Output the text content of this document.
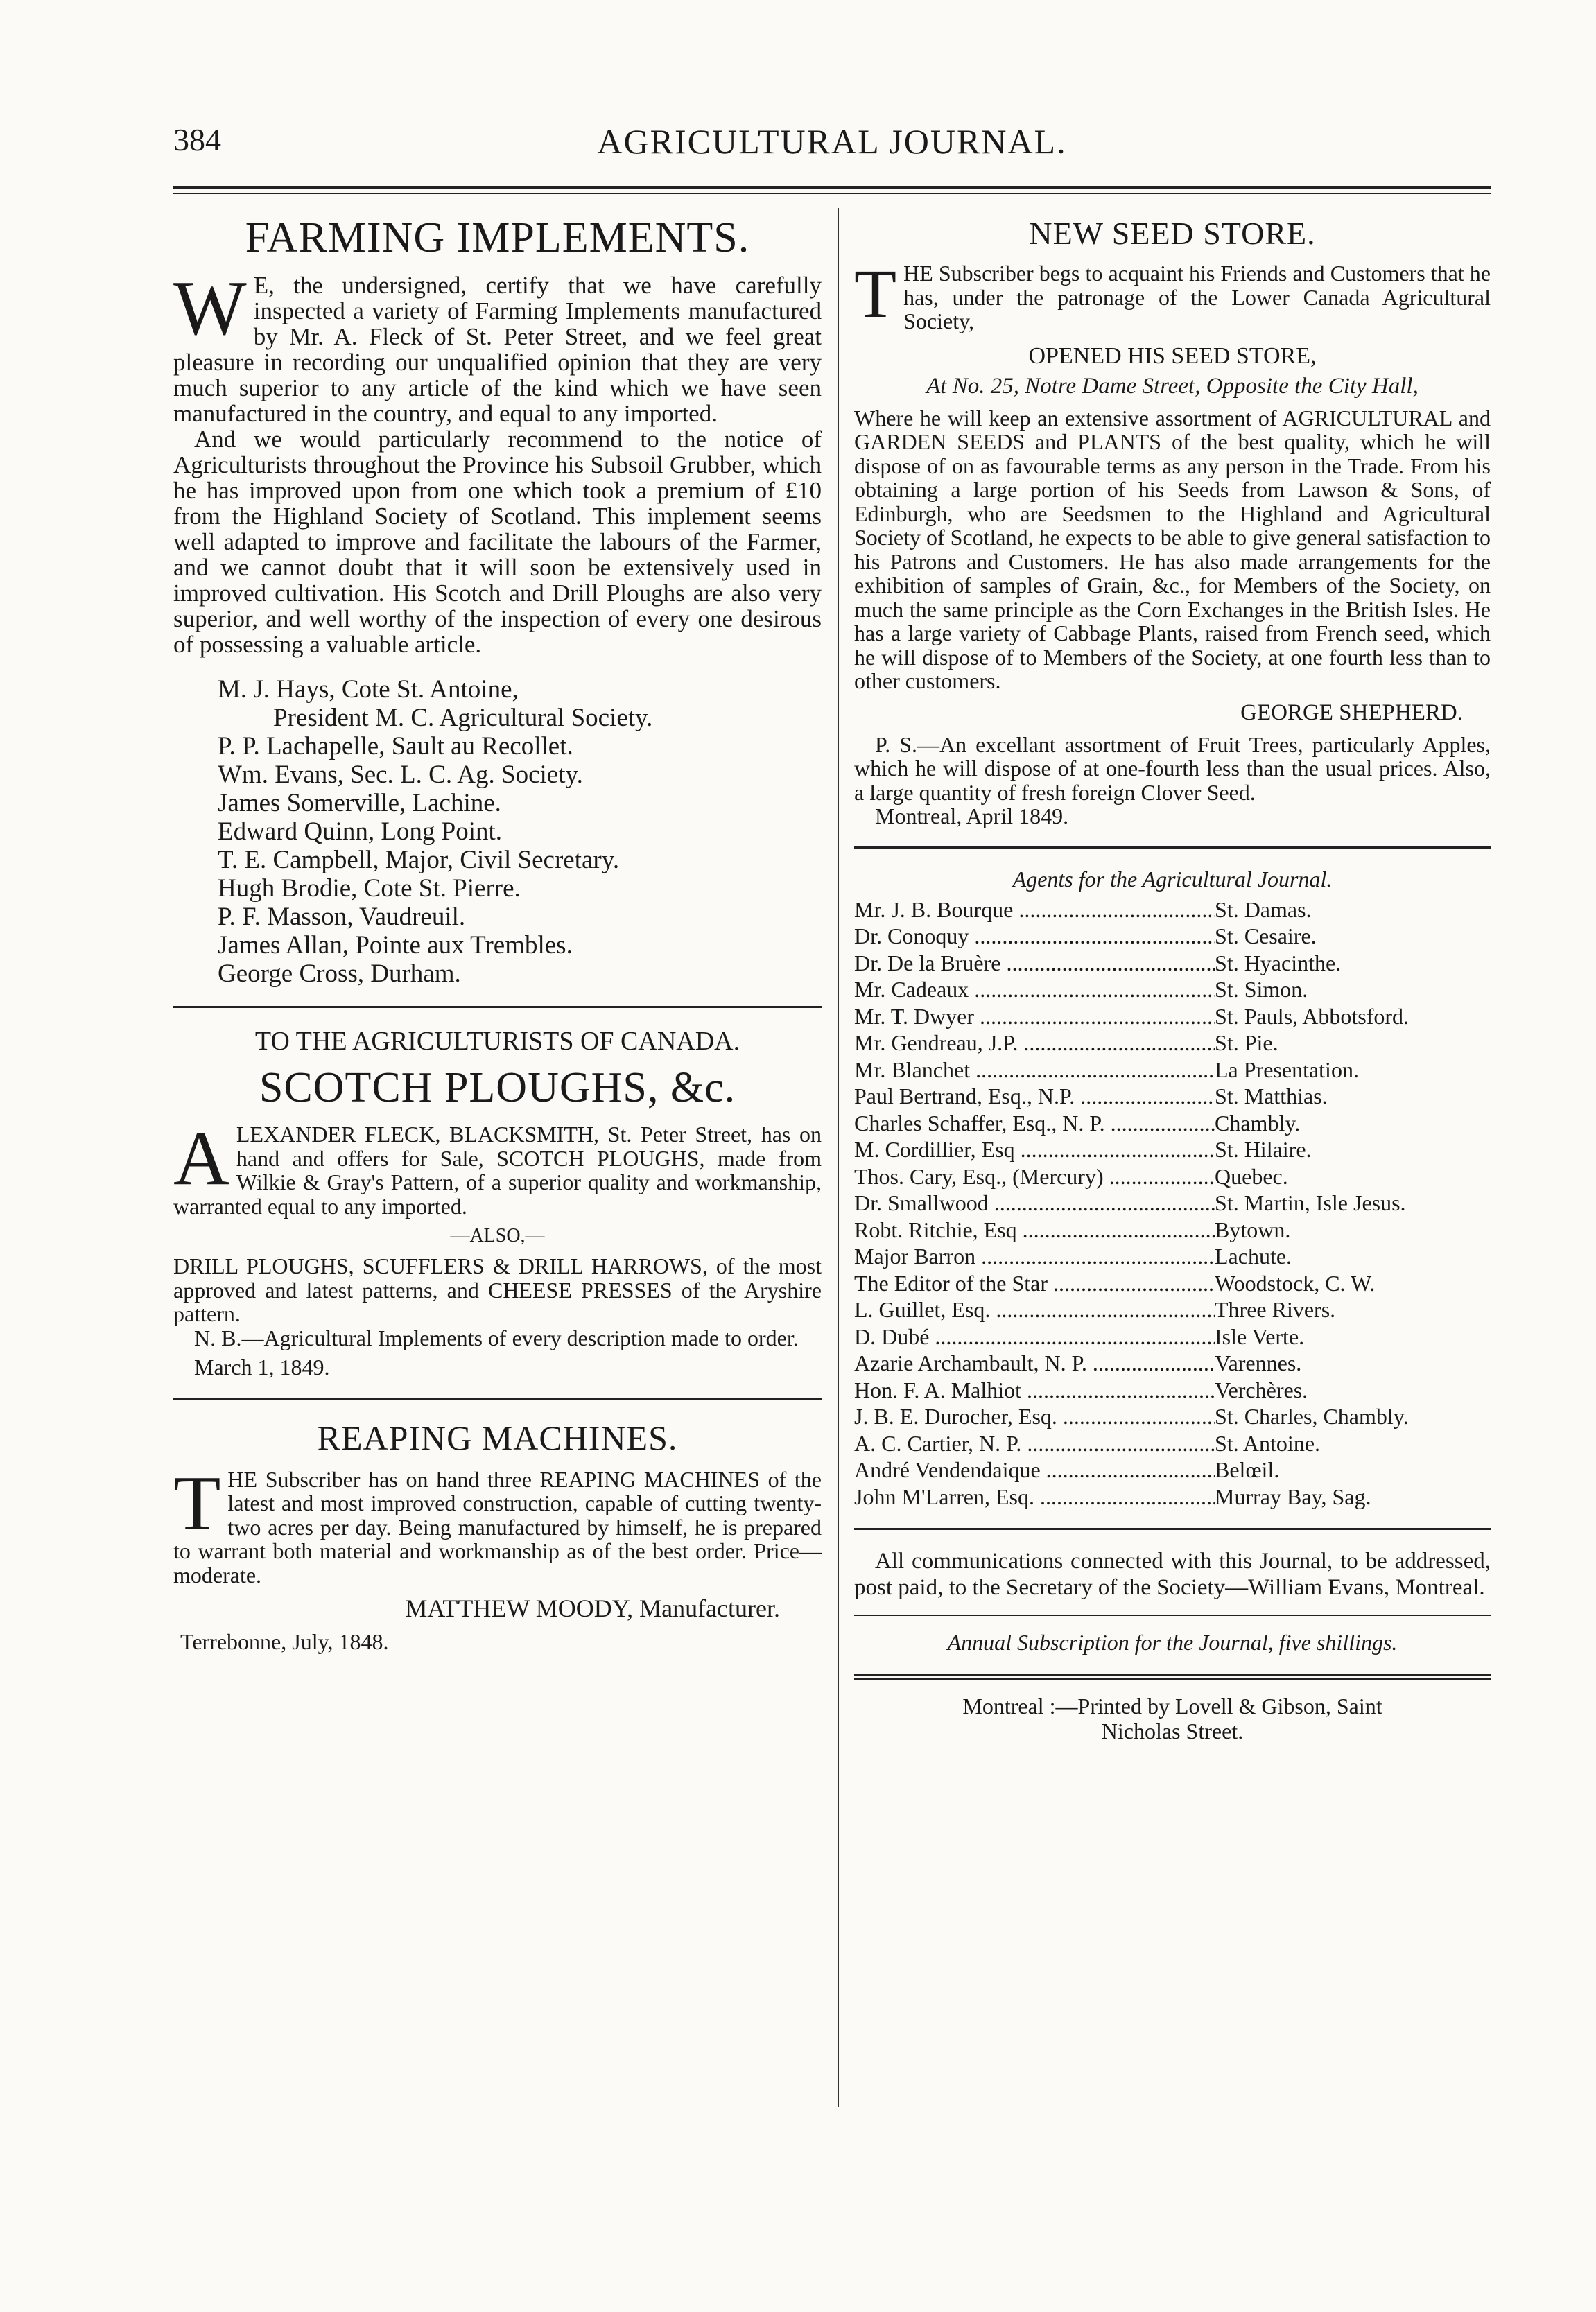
384	AGRICULTURAL JOURNAL.
FARMING IMPLEMENTS.

W E, the undersigned, certify that we have carefully inspected a variety of Farming Implements manufactured by Mr. A. Fleck of St. Peter Street, and we feel great pleasure in recording our unqualified opinion that they are very much superior to any article of the kind which we have seen manufactured in the country, and equal to any imported.

And we would particularly recommend to the notice of Agriculturists throughout the Province his Subsoil Grubber, which he has improved upon from one which took a premium of £10 from the Highland Society of Scotland. This implement seems well adapted to improve and facilitate the labours of the Farmer, and we cannot doubt that it will soon be extensively used in improved cultivation. His Scotch and Drill Ploughs are also very superior, and well worthy of the inspection of every one desirous of possessing a valuable article.

M. J. Hays, Cote St. Antoine,
President M. C. Agricultural Society.
P. P. Lachapelle, Sault au Recollet.
Wm. Evans, Sec. L. C. Ag. Society.
James Somerville, Lachine.
Edward Quinn, Long Point.
T. E. Campbell, Major, Civil Secretary.
Hugh Brodie, Cote St. Pierre.
P. F. Masson, Vaudreuil.
James Allan, Pointe aux Trembles.
George Cross, Durham.
TO THE AGRICULTURISTS OF CANADA.
SCOTCH PLOUGHS, &c.

ALEXANDER FLECK, BLACKSMITH, St. Peter Street, has on hand and offers for Sale, SCOTCH PLOUGHS, made from Wilkie & Gray's Pattern, of a superior quality and workmanship, warranted equal to any imported.

—ALSO,—

DRILL PLOUGHS, SCUFFLERS & DRILL HARROWS, of the most approved and latest patterns, and CHEESE PRESSES of the Aryshire pattern.

N. B.—Agricultural Implements of every description made to order.

March 1, 1849.

REAPING MACHINES.

THE Subscriber has on hand three REAPING MACHINES of the latest and most improved construction, capable of cutting twenty-two acres per day. Being manufactured by himself, he is prepared to warrant both material and workmanship as of the best order. Price—moderate.

MATTHEW MOODY, Manufacturer.

Terrebonne, July, 1848.

NEW SEED STORE.

THE Subscriber begs to acquaint his Friends and Customers that he has, under the patronage of the Lower Canada Agricultural Society,

OPENED HIS SEED STORE,
At No. 25, Notre Dame Street, Opposite the City Hall,

Where he will keep an extensive assortment of AGRICULTURAL and GARDEN SEEDS and PLANTS of the best quality, which he will dispose of on as favourable terms as any person in the Trade. From his obtaining a large portion of his Seeds from Lawson & Sons, of Edinburgh, who are Seedsmen to the Highland and Agricultural Society of Scotland, he expects to be able to give general satisfaction to his Patrons and Customers. He has also made arrangements for the exhibition of samples of Grain, &c., for Members of the Society, on much the same principle as the Corn Exchanges in the British Isles. He has a large variety of Cabbage Plants, raised from French seed, which he will dispose of to Members of the Society, at one fourth less than to other customers.

GEORGE SHEPHERD.

P. S.—An excellant assortment of Fruit Trees, particularly Apples, which he will dispose of at one-fourth less than the usual prices. Also, a large quantity of fresh foreign Clover Seed.

Montreal, April 1849.

Agents for the Agricultural Journal.
Mr. J. B. Bourque .....	St. Damas.
Dr. Conoquy .....	St. Cesaire.
Dr. De la Bruère .....	St. Hyacinthe.
Mr. Cadeaux .....	St. Simon.
Mr. T. Dwyer .....	St. Pauls, Abbotsford.
Mr. Gendreau, J.P. .....	St. Pie.
Mr. Blanchet .....	La Presentation.
Paul Bertrand, Esq., N.P. .....	St. Matthias.
Charles Schaffer, Esq., N. P. .....	Chambly.
M. Cordillier, Esq .....	St. Hilaire.
Thos. Cary, Esq., (Mercury) .....	Quebec.
Dr. Smallwood .....	St. Martin, Isle Jesus.
Robt. Ritchie, Esq .....	Bytown.
Major Barron .....	Lachute.
The Editor of the Star .....	Woodstock, C. W.
L. Guillet, Esq. .....	Three Rivers.
D. Dubé .....	Isle Verte.
Azarie Archambault, N. P. .....	Varennes.
Hon. F. A. Malhiot .....	Verchères.
J. B. E. Durocher, Esq. .....	St. Charles, Chambly.
A. C. Cartier, N. P. .....	St. Antoine.
André Vendendaique .....	Belœil.
John M'Larren, Esq. .....	Murray Bay, Sag.

All communications connected with this Journal, to be addressed, post paid, to the Secretary of the Society—William Evans, Montreal.

Annual Subscription for the Journal, five shillings.
Montreal :—Printed by Lovell & Gibson, Saint
Nicholas Street.
